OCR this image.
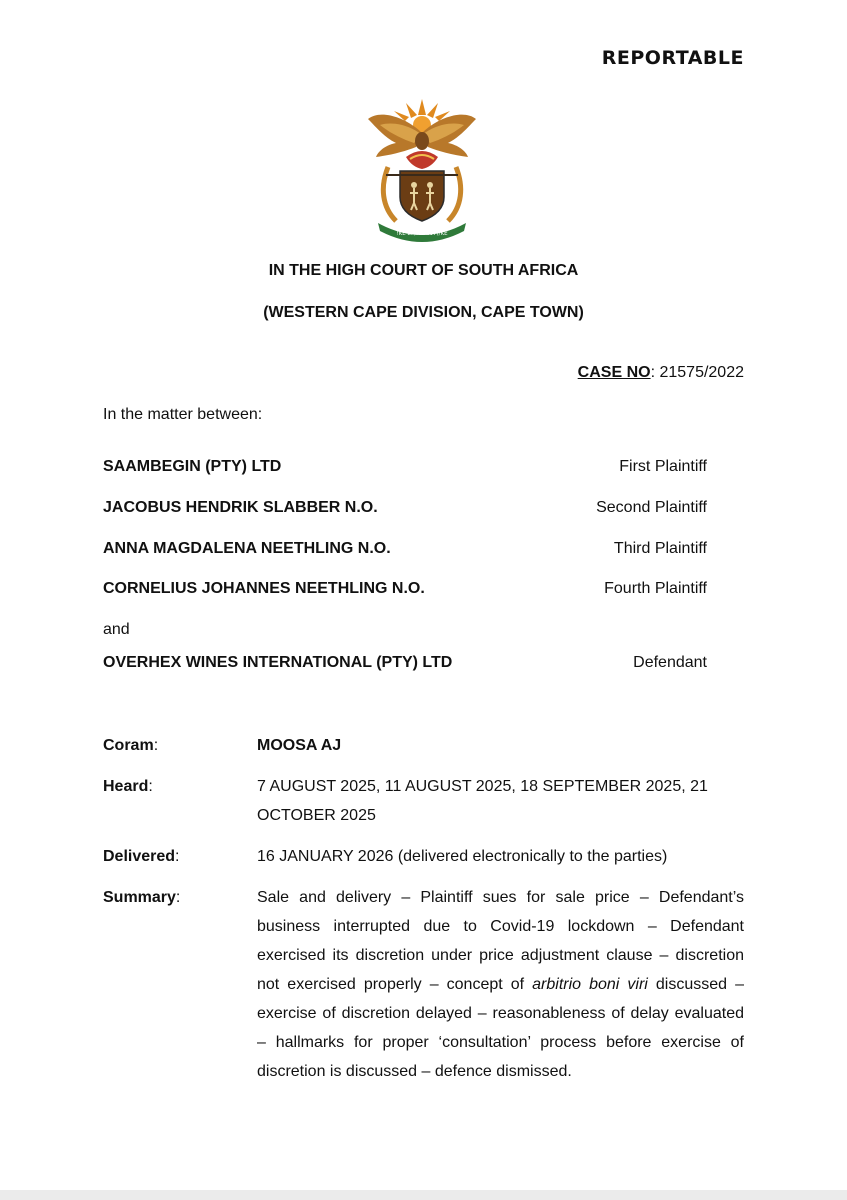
REPORTABLE
!KE E: /XARRA //KE
IN THE HIGH COURT OF SOUTH AFRICA
(WESTERN CAPE DIVISION, CAPE TOWN)
CASE NO: 21575/2022
In the matter between:
SAAMBEGIN (PTY) LTD	First Plaintiff
JACOBUS HENDRIK SLABBER N.O.	Second Plaintiff
ANNA MAGDALENA NEETHLING N.O.	Third Plaintiff
CORNELIUS JOHANNES NEETHLING N.O.	Fourth Plaintiff
and
OVERHEX WINES INTERNATIONAL (PTY) LTD	Defendant
Coram:	MOOSA AJ
Heard:	7 AUGUST 2025, 11 AUGUST 2025, 18 SEPTEMBER 2025, 21 OCTOBER 2025
Delivered:	16 JANUARY 2026 (delivered electronically to the parties)
Summary:	Sale and delivery – Plaintiff sues for sale price – Defendant’s business interrupted due to Covid-19 lockdown – Defendant exercised its discretion under price adjustment clause – discretion not exercised properly – concept of arbitrio boni viri discussed – exercise of discretion delayed – reasonableness of delay evaluated – hallmarks for proper ‘consultation’ process before exercise of discretion is discussed – defence dismissed.
